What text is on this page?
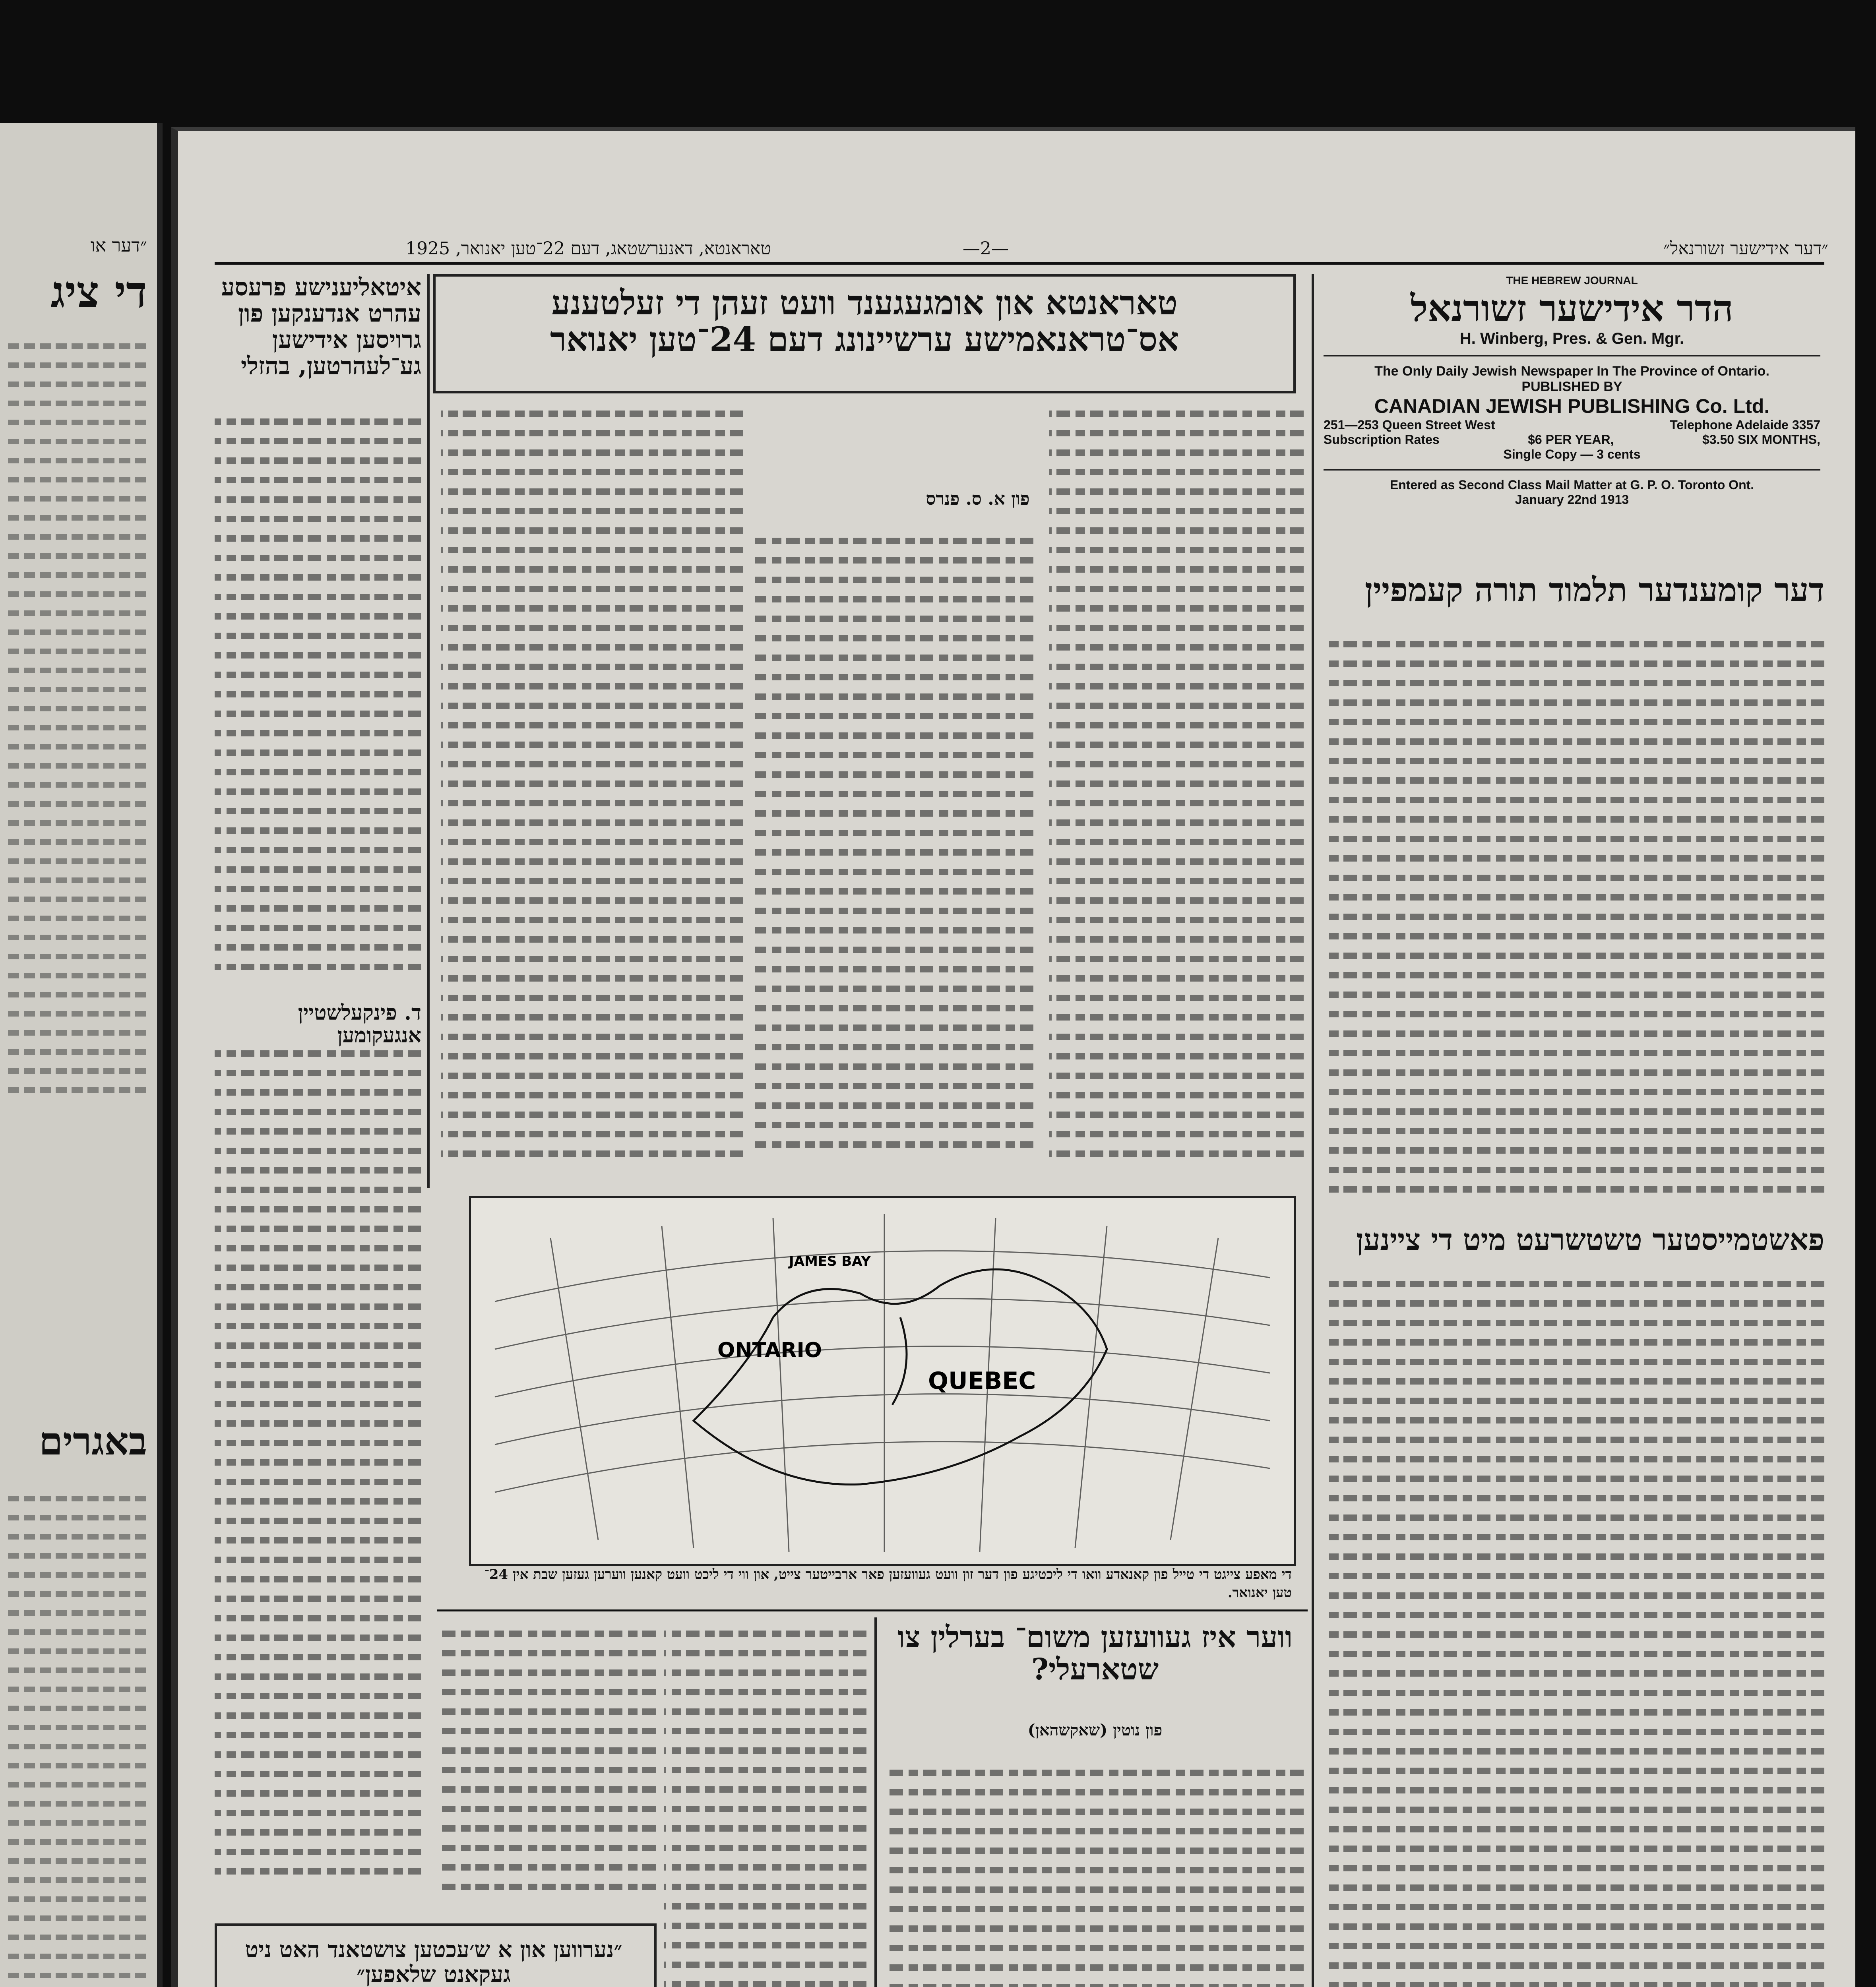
״דער או
די ציג
באגרים
״דער אידישער זשורנאל״
—2—
טאראנטא, דאנערשטאג, דעם 22־טען יאנואר, 1925
THE HEBREW JOURNAL
הדר אידישער זשורנאל
H. Winberg, Pres. & Gen. Mgr.
The Only Daily Jewish Newspaper In The Province of Ontario.
PUBLISHED BY
CANADIAN JEWISH PUBLISHING Co. Ltd.
251—253 Queen Street West	Telephone Adelaide 3357
Subscription Rates	$6 PER YEAR,	$3.50 SIX MONTHS,
Single Copy — 3 cents
Entered as Second Class Mail Matter at G. P. O. Toronto Ont.
January 22nd 1913
דער קומענדער תלמוד תורה קעמפיין
פאשטמייסטער טשטשרעט מיט די ציינען
טאראנטא און אומגעגענד וועט זעהן די זעלטענע אס־טראנאמישע ערשיינונג דעם 24־טען יאנואר
פון א. ס. פנרס
איטאליענישע פרעסע עהרט אנדענקען פון גרויסען אידישען גע־לעהרטען, בהזלי
ד. פינקעלשטיין אנגעקומען
QUEBEC
ONTARIO
JAMES BAY
די מאפע צייגט די טייל פון קאנאדע וואו די ליכטיגע פון דער זון וועט געוועזען פאר ארבייטער צייט, און ווי די ליכט וועט קאנען ווערען געזען שבת אין 24־טען יאנואר.
ווער איז געוועזען משום־ בערלין צו שטארעלי?
פון נוטין (שאקשהאן)
״נערווען און א ש׳עכטען צושטאנד האט ניט געקאנט שלאפען״
